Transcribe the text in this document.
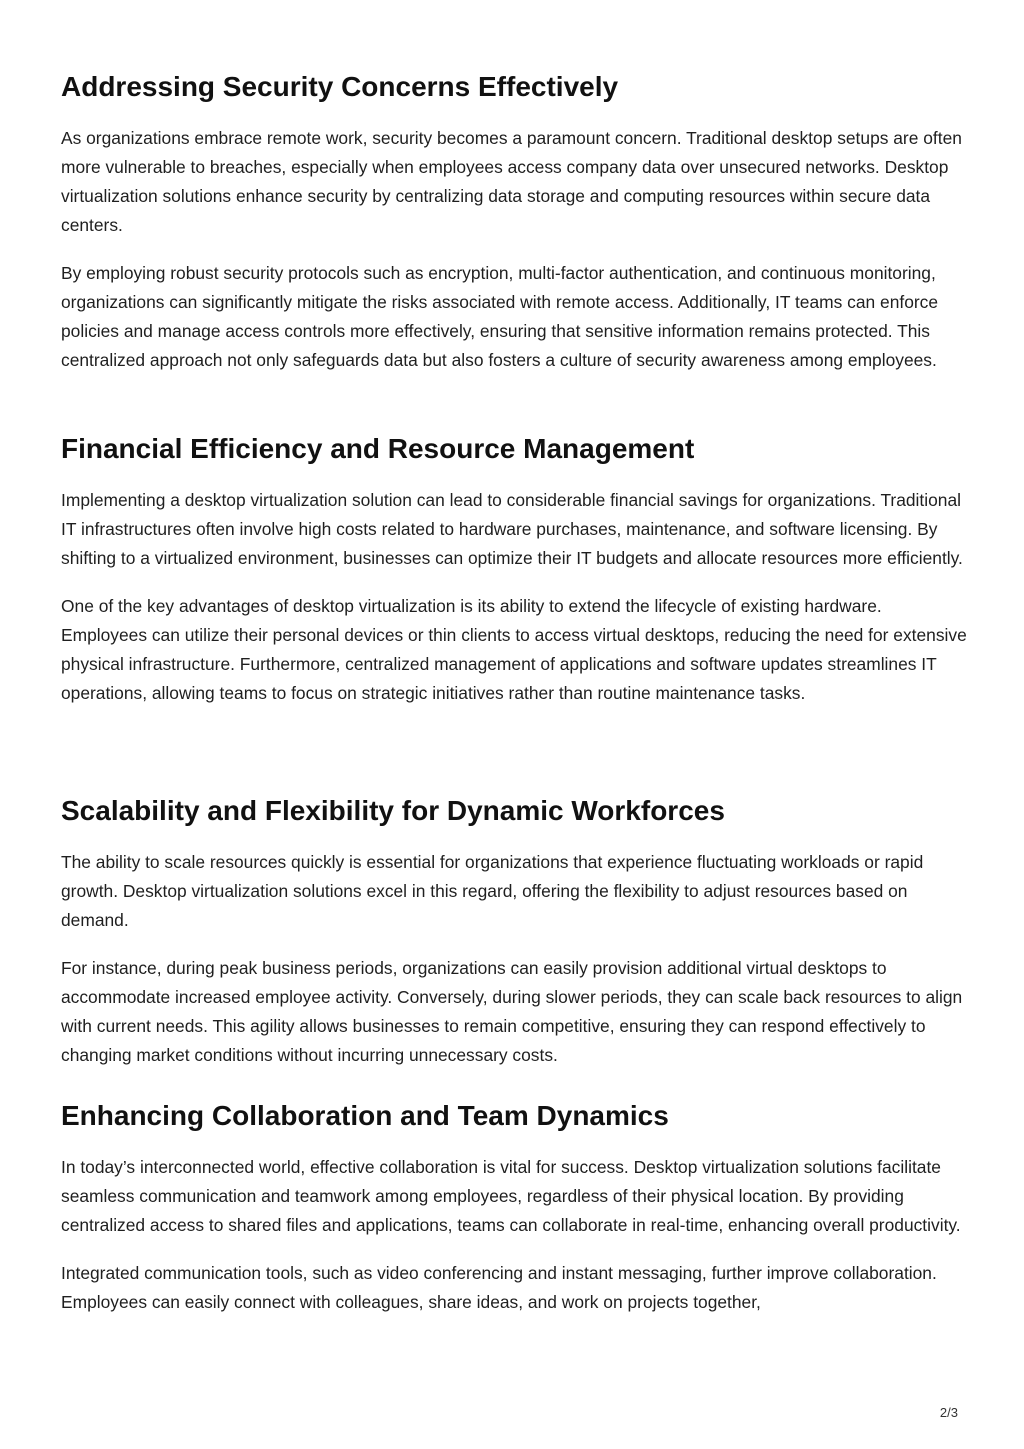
Addressing Security Concerns Effectively

As organizations embrace remote work, security becomes a paramount concern. Traditional desktop setups are often more vulnerable to breaches, especially when employees access company data over unsecured networks. Desktop virtualization solutions enhance security by centralizing data storage and computing resources within secure data centers.

By employing robust security protocols such as encryption, multi-factor authentication, and continuous monitoring, organizations can significantly mitigate the risks associated with remote access. Additionally, IT teams can enforce policies and manage access controls more effectively, ensuring that sensitive information remains protected. This centralized approach not only safeguards data but also fosters a culture of security awareness among employees.

Financial Efficiency and Resource Management

Implementing a desktop virtualization solution can lead to considerable financial savings for organizations. Traditional IT infrastructures often involve high costs related to hardware purchases, maintenance, and software licensing. By shifting to a virtualized environment, businesses can optimize their IT budgets and allocate resources more efficiently.

One of the key advantages of desktop virtualization is its ability to extend the lifecycle of existing hardware. Employees can utilize their personal devices or thin clients to access virtual desktops, reducing the need for extensive physical infrastructure. Furthermore, centralized management of applications and software updates streamlines IT operations, allowing teams to focus on strategic initiatives rather than routine maintenance tasks.

Scalability and Flexibility for Dynamic Workforces

The ability to scale resources quickly is essential for organizations that experience fluctuating workloads or rapid growth. Desktop virtualization solutions excel in this regard, offering the flexibility to adjust resources based on demand.

For instance, during peak business periods, organizations can easily provision additional virtual desktops to accommodate increased employee activity. Conversely, during slower periods, they can scale back resources to align with current needs. This agility allows businesses to remain competitive, ensuring they can respond effectively to changing market conditions without incurring unnecessary costs.

Enhancing Collaboration and Team Dynamics

In today’s interconnected world, effective collaboration is vital for success. Desktop virtualization solutions facilitate seamless communication and teamwork among employees, regardless of their physical location. By providing centralized access to shared files and applications, teams can collaborate in real-time, enhancing overall productivity.

Integrated communication tools, such as video conferencing and instant messaging, further improve collaboration. Employees can easily connect with colleagues, share ideas, and work on projects together,

2/3
